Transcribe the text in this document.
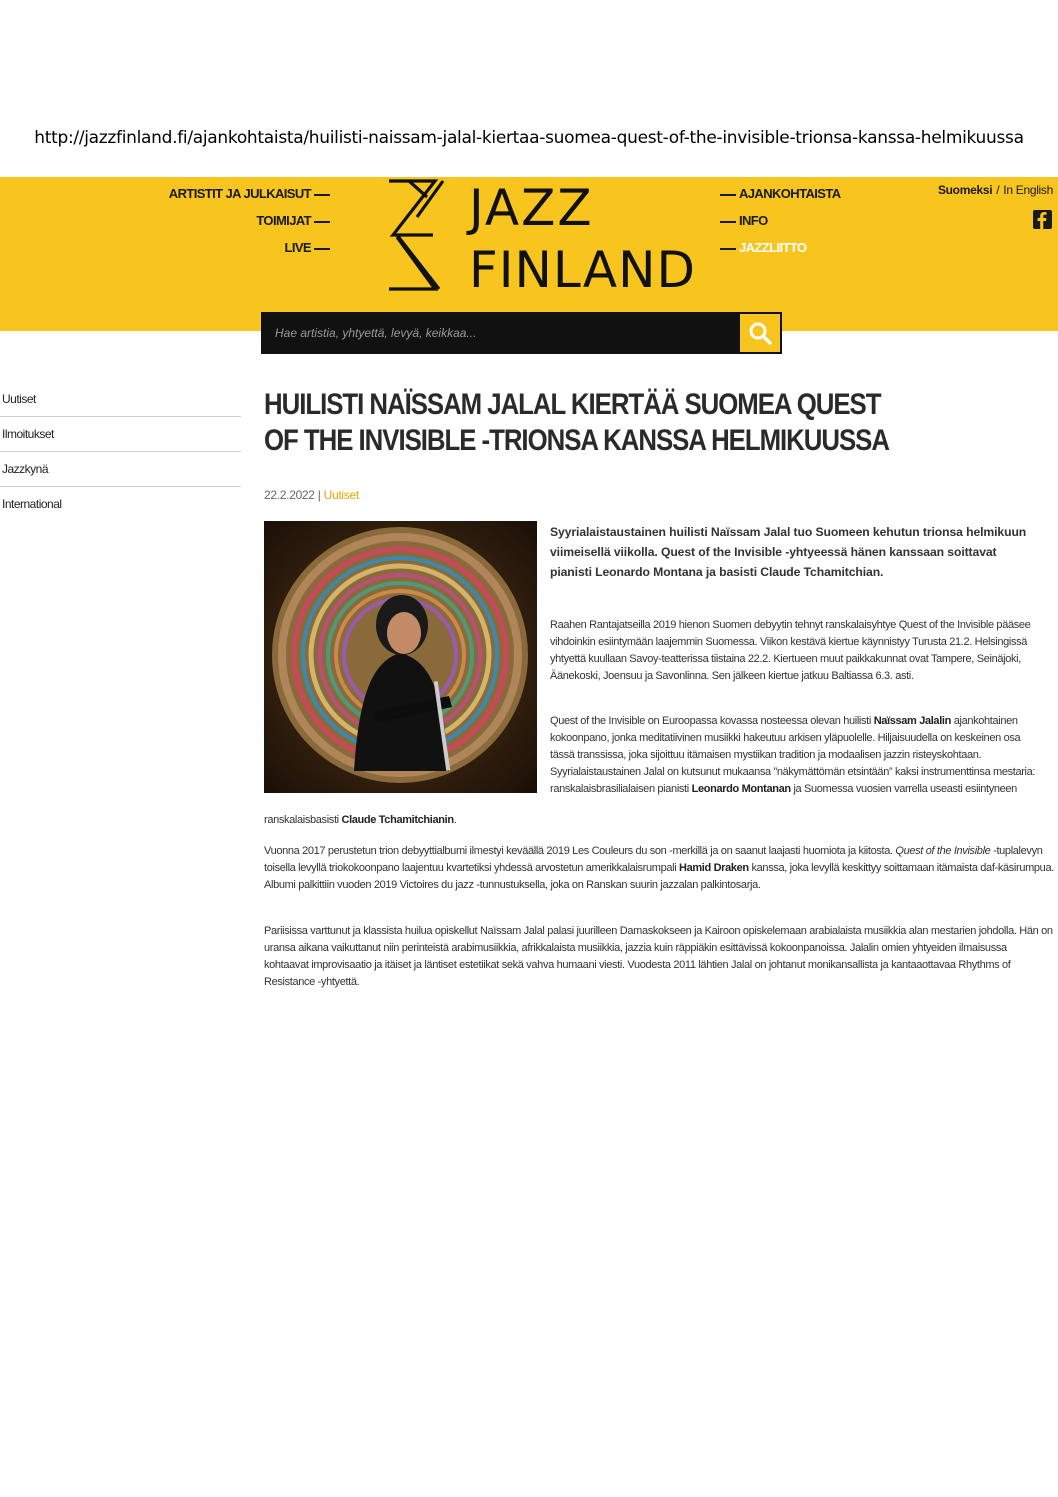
http://jazzfinland.fi/ajankohtaista/huilisti-naissam-jalal-kiertaa-suomea-quest-of-the-invisible-trionsa-kanssa-helmikuussa
ARTISTIT JA JULKAISUT
TOIMIJAT
LIVE
JAZZ
FINLAND
AJANKOHTAISTA
INFO
JAZZLIITTO
Suomeksi / In English
Hae artistia, yhtyettä, levyä, keikkaa...
Uutiset
Ilmoitukset
Jazzkynä
International
HUILISTI NAÏSSAM JALAL KIERTÄÄ SUOMEA QUEST OF THE INVISIBLE -TRIONSA KANSSA HELMIKUUSSA
22.2.2022 | Uutiset

Syyrialaistaustainen huilisti Naïssam Jalal tuo Suomeen kehutun trionsa helmikuun viimeisellä viikolla. Quest of the Invisible -yhtyeessä hänen kanssaan soittavat pianisti Leonardo Montana ja basisti Claude Tchamitchian.

Raahen Rantajatseilla 2019 hienon Suomen debyytin tehnyt ranskalaisyhtye Quest of the Invisible pääsee vihdoinkin esiintymään laajemmin Suomessa. Viikon kestävä kiertue käynnistyy Turusta 21.2. Helsingissä yhtyettä kuullaan Savoy-teatterissa tiistaina 22.2. Kiertueen muut paikkakunnat ovat Tampere, Seinäjoki, Äänekoski, Joensuu ja Savonlinna. Sen jälkeen kiertue jatkuu Baltiassa 6.3. asti.

Quest of the Invisible on Euroopassa kovassa nosteessa olevan huilisti Naïssam Jalalin ajankohtainen kokoonpano, jonka meditatiivinen musiikki hakeutuu arkisen yläpuolelle. Hiljaisuudella on keskeinen osa tässä transsissa, joka sijoittuu itämaisen mystiikan tradition ja modaalisen jazzin risteyskohtaan. Syyrialaistaustainen Jalal on kutsunut mukaansa ”näkymättömän etsintään” kaksi instrumenttinsa mestaria: ranskalaisbrasilialaisen pianisti Leonardo Montanan ja Suomessa vuosien varrella useasti esiintyneen

ranskalaisbasisti Claude Tchamitchianin.

Vuonna 2017 perustetun trion debyyttialbumi ilmestyi keväällä 2019 Les Couleurs du son -merkillä ja on saanut laajasti huomiota ja kiitosta. Quest of the Invisible -tuplalevyn toisella levyllä triokokoonpano laajentuu kvartetiksi yhdessä arvostetun amerikkalaisrumpali Hamid Draken kanssa, joka levyllä keskittyy soittamaan itämaista daf-käsirumpua. Albumi palkittiin vuoden 2019 Victoires du jazz -tunnustuksella, joka on Ranskan suurin jazzalan palkintosarja.

Pariisissa varttunut ja klassista huilua opiskellut Naïssam Jalal palasi juurilleen Damaskokseen ja Kairoon opiskelemaan arabialaista musiikkia alan mestarien johdolla. Hän on uransa aikana vaikuttanut niin perinteistä arabimusiikkia, afrikkalaista musiikkia, jazzia kuin räppiäkin esittävissä kokoonpanoissa. Jalalin omien yhtyeiden ilmaisussa kohtaavat improvisaatio ja itäiset ja läntiset estetiikat sekä vahva humaani viesti. Vuodesta 2011 lähtien Jalal on johtanut monikansallista ja kantaaottavaa Rhythms of Resistance -yhtyettä.
